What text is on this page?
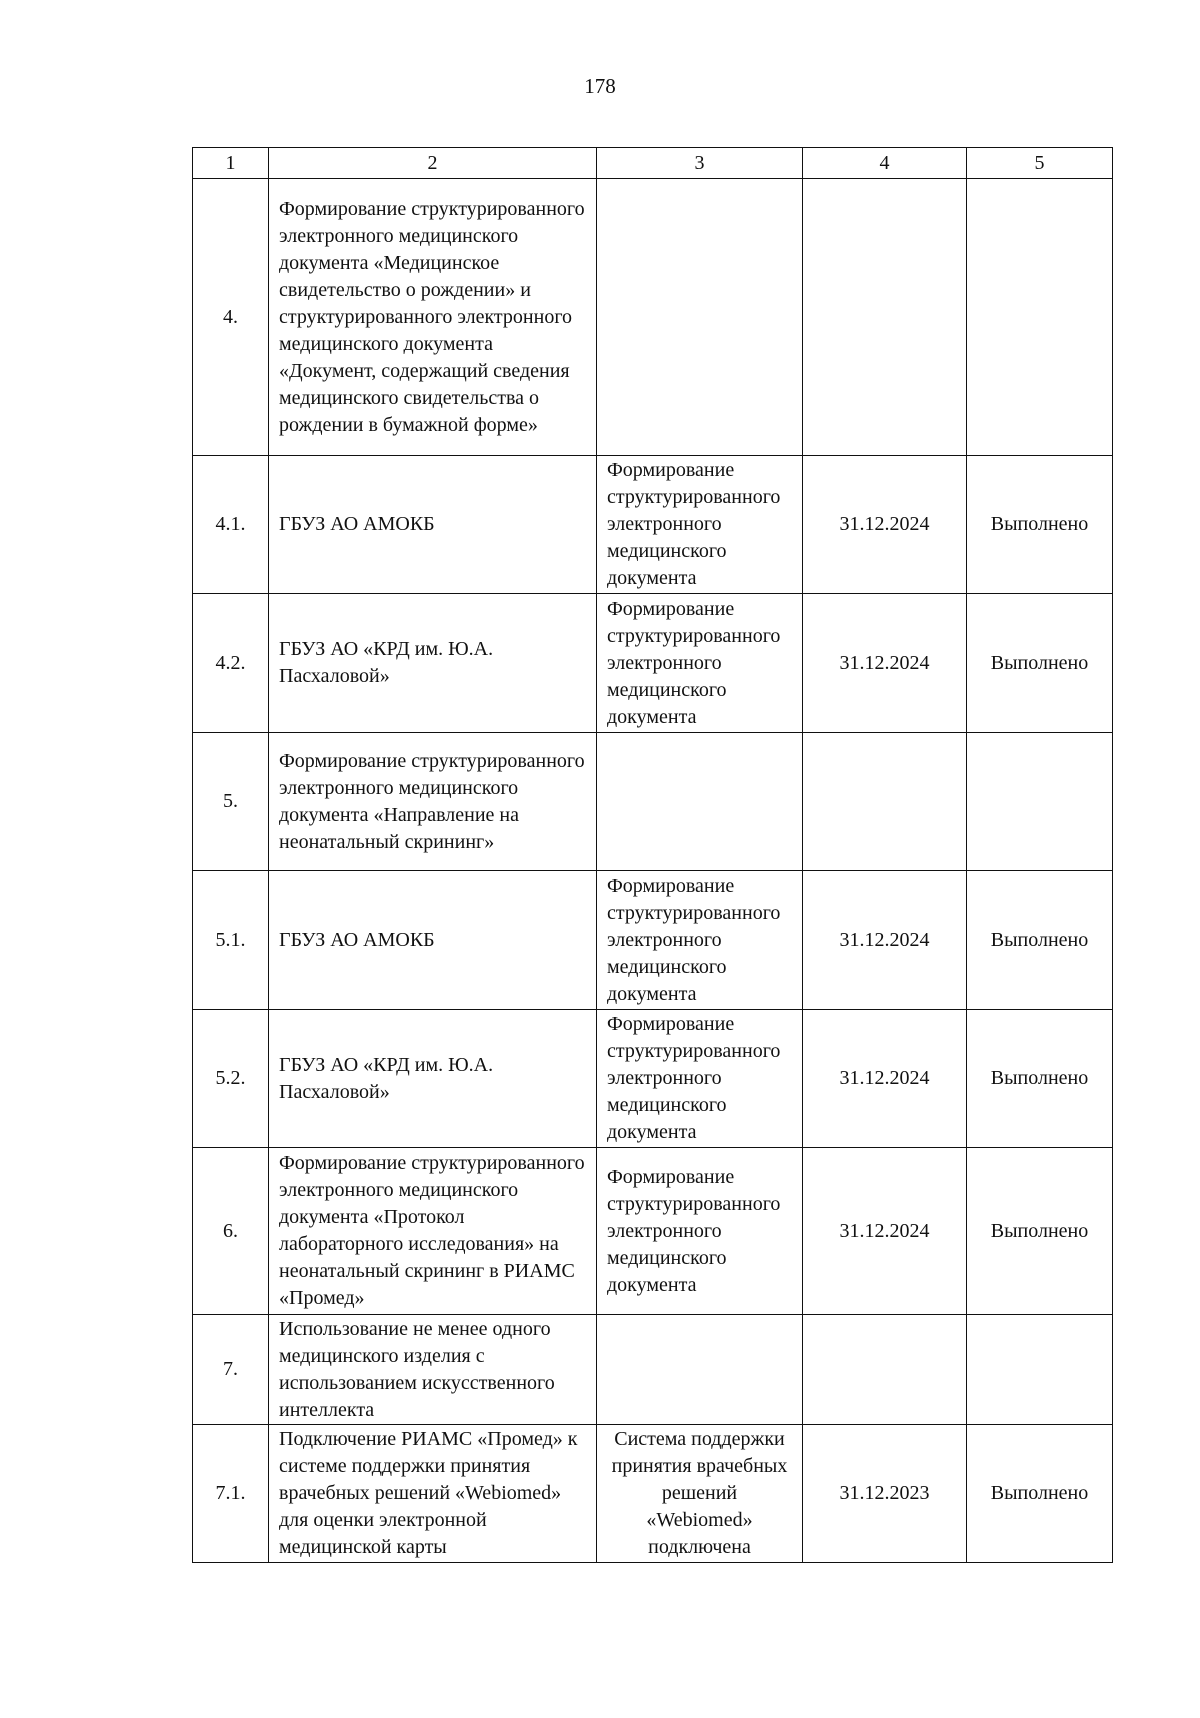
178
1	2	3	4	5
4.	Формирование структурированного электронного медицинского документа «Медицинское свидетельство о рождении» и структурированного электронного медицинского документа «Документ, содержащий сведения медицинского свидетельства о рождении в бумажной форме»			
4.1.	ГБУЗ АО АМОКБ	Формирование структурированного электронного медицинского документа	31.12.2024	Выполнено
4.2.	ГБУЗ АО «КРД им. Ю.А. Пасхаловой»	Формирование структурированного электронного медицинского документа	31.12.2024	Выполнено
5.	Формирование структурированного электронного медицинского документа «Направление на неонатальный скрининг»			
5.1.	ГБУЗ АО АМОКБ	Формирование структурированного электронного медицинского документа	31.12.2024	Выполнено
5.2.	ГБУЗ АО «КРД им. Ю.А. Пасхаловой»	Формирование структурированного электронного медицинского документа	31.12.2024	Выполнено
6.	Формирование структурированного электронного медицинского документа «Протокол лабораторного исследования» на неонатальный скрининг в РИАМС «Промед»	Формирование структурированного электронного медицинского документа	31.12.2024	Выполнено
7.	Использование не менее одного медицинского изделия с использованием искусственного интеллекта			
7.1.	Подключение РИАМС «Промед» к системе поддержки принятия врачебных решений «Webiomed» для оценки электронной медицинской карты	Система поддержки принятия врачебных решений «Webiomed» подключена	31.12.2023	Выполнено
